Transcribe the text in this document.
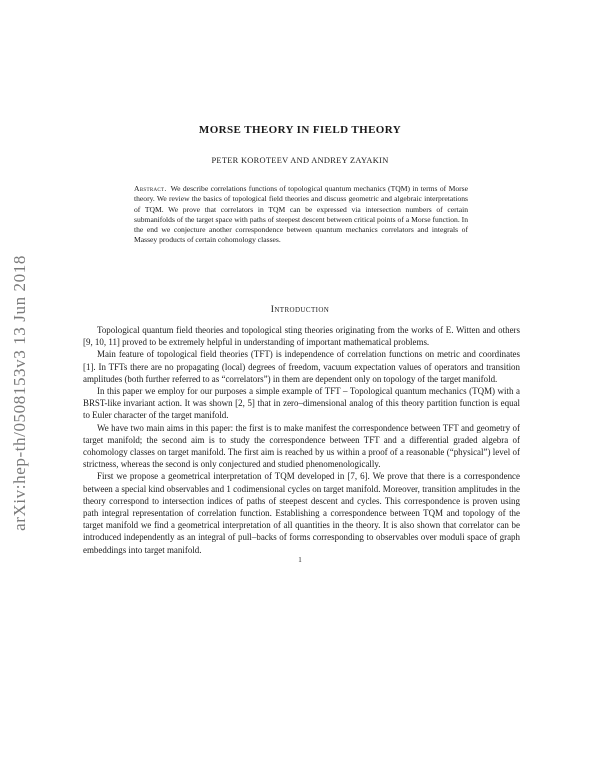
arXiv:hep-th/0508153v3 13 Jun 2018
MORSE THEORY IN FIELD THEORY
PETER KOROTEEV AND ANDREY ZAYAKIN
Abstract. We describe correlations functions of topological quantum mechanics (TQM) in terms of Morse theory. We review the basics of topological field theories and discuss geometric and algebraic interpretations of TQM. We prove that correlators in TQM can be expressed via intersection numbers of certain submanifolds of the target space with paths of steepest descent between critical points of a Morse function. In the end we conjecture another correspondence between quantum mechanics correlators and integrals of Massey products of certain cohomology classes.
Introduction

Topological quantum field theories and topological sting theories originating from the works of E. Witten and others [9, 10, 11] proved to be extremely helpful in understanding of important mathematical problems.

Main feature of topological field theories (TFT) is independence of correlation functions on metric and coordinates [1]. In TFTs there are no propagating (local) degrees of freedom, vacuum expectation values of operators and transition amplitudes (both further referred to as “correlators”) in them are dependent only on topology of the target manifold.

In this paper we employ for our purposes a simple example of TFT – Topological quantum mechanics (TQM) with a BRST-like invariant action. It was shown [2, 5] that in zero–dimensional analog of this theory partition function is equal to Euler character of the target manifold.

We have two main aims in this paper: the first is to make manifest the correspondence between TFT and geometry of target manifold; the second aim is to study the correspondence between TFT and a differential graded algebra of cohomology classes on target manifold. The first aim is reached by us within a proof of a reasonable (“physical”) level of strictness, whereas the second is only conjectured and studied phenomenologically.

First we propose a geometrical interpretation of TQM developed in [7, 6]. We prove that there is a correspondence between a special kind observables and 1 codimensional cycles on target manifold. Moreover, transition amplitudes in the theory correspond to intersection indices of paths of steepest descent and cycles. This correspondence is proven using path integral representation of correlation function. Establishing a correspondence between TQM and topology of the target manifold we find a geometrical interpretation of all quantities in the theory. It is also shown that correlator can be introduced independently as an integral of pull–backs of forms corresponding to observables over moduli space of graph embeddings into target manifold.

1
